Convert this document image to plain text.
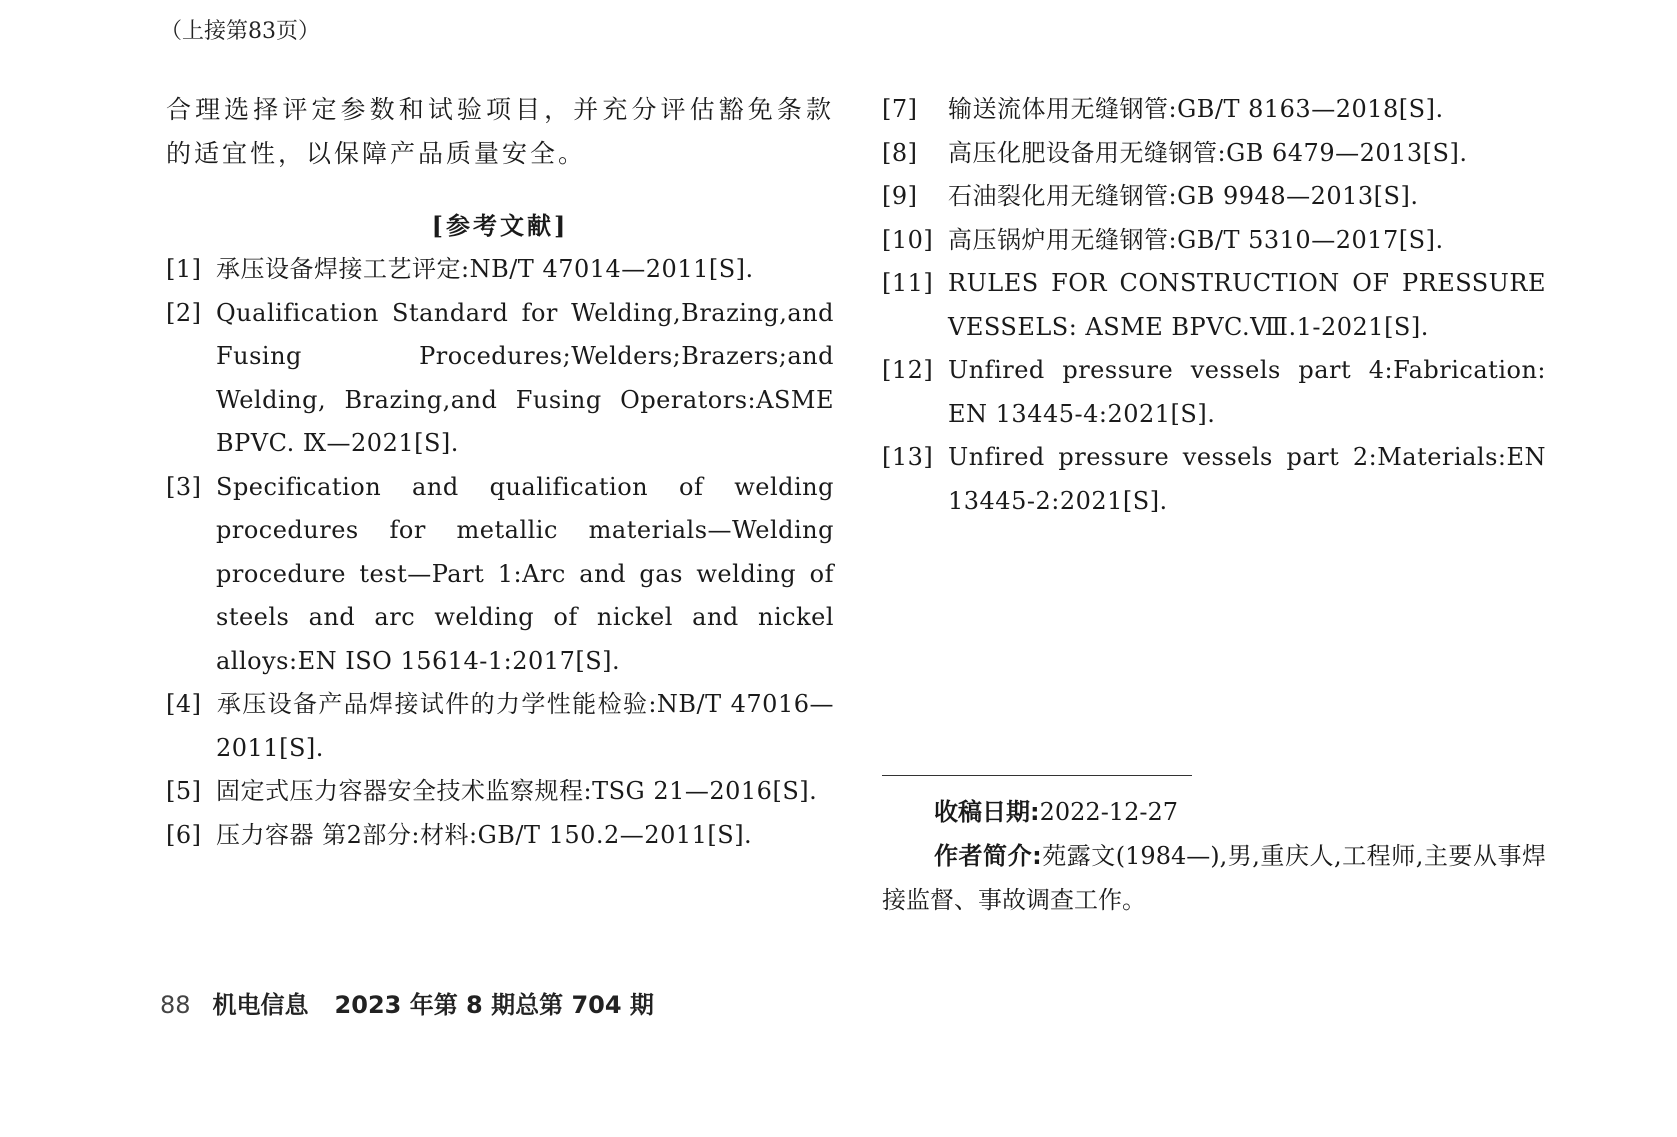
（上接第83页）

合理选择评定参数和试验项目，并充分评估豁免条款的适宜性，以保障产品质量安全。

[参考文献]

[1] 承压设备焊接工艺评定:NB/T 47014—2011[S].

[2] Qualification Standard for Welding,Brazing,and Fusing Procedures;Welders;Brazers;and Welding, Brazing,and Fusing Operators:ASME BPVC. Ⅸ—2021[S].

[3] Specification and qualification of welding procedures for metallic materials—Welding procedure test—Part 1:Arc and gas welding of steels and arc welding of nickel and nickel alloys:EN ISO 15614-1:2017[S].

[4] 承压设备产品焊接试件的力学性能检验:NB/T 47016—2011[S].

[5] 固定式压力容器安全技术监察规程:TSG 21—2016[S].

[6] 压力容器 第2部分:材料:GB/T 150.2—2011[S].

[7] 输送流体用无缝钢管:GB/T 8163—2018[S].

[8] 高压化肥设备用无缝钢管:GB 6479—2013[S].

[9] 石油裂化用无缝钢管:GB 9948—2013[S].

[10] 高压锅炉用无缝钢管:GB/T 5310—2017[S].

[11] RULES FOR CONSTRUCTION OF PRESSURE VESSELS: ASME BPVC.Ⅷ.1-2021[S].

[12] Unfired pressure vessels part 4:Fabrication: EN 13445-4:2021[S].

[13] Unfired pressure vessels part 2:Materials:EN 13445-2:2021[S].

收稿日期:2022-12-27

作者简介:苑露文(1984—),男,重庆人,工程师,主要从事焊接监督、事故调查工作。

88 机电信息 2023 年第 8 期总第 704 期
